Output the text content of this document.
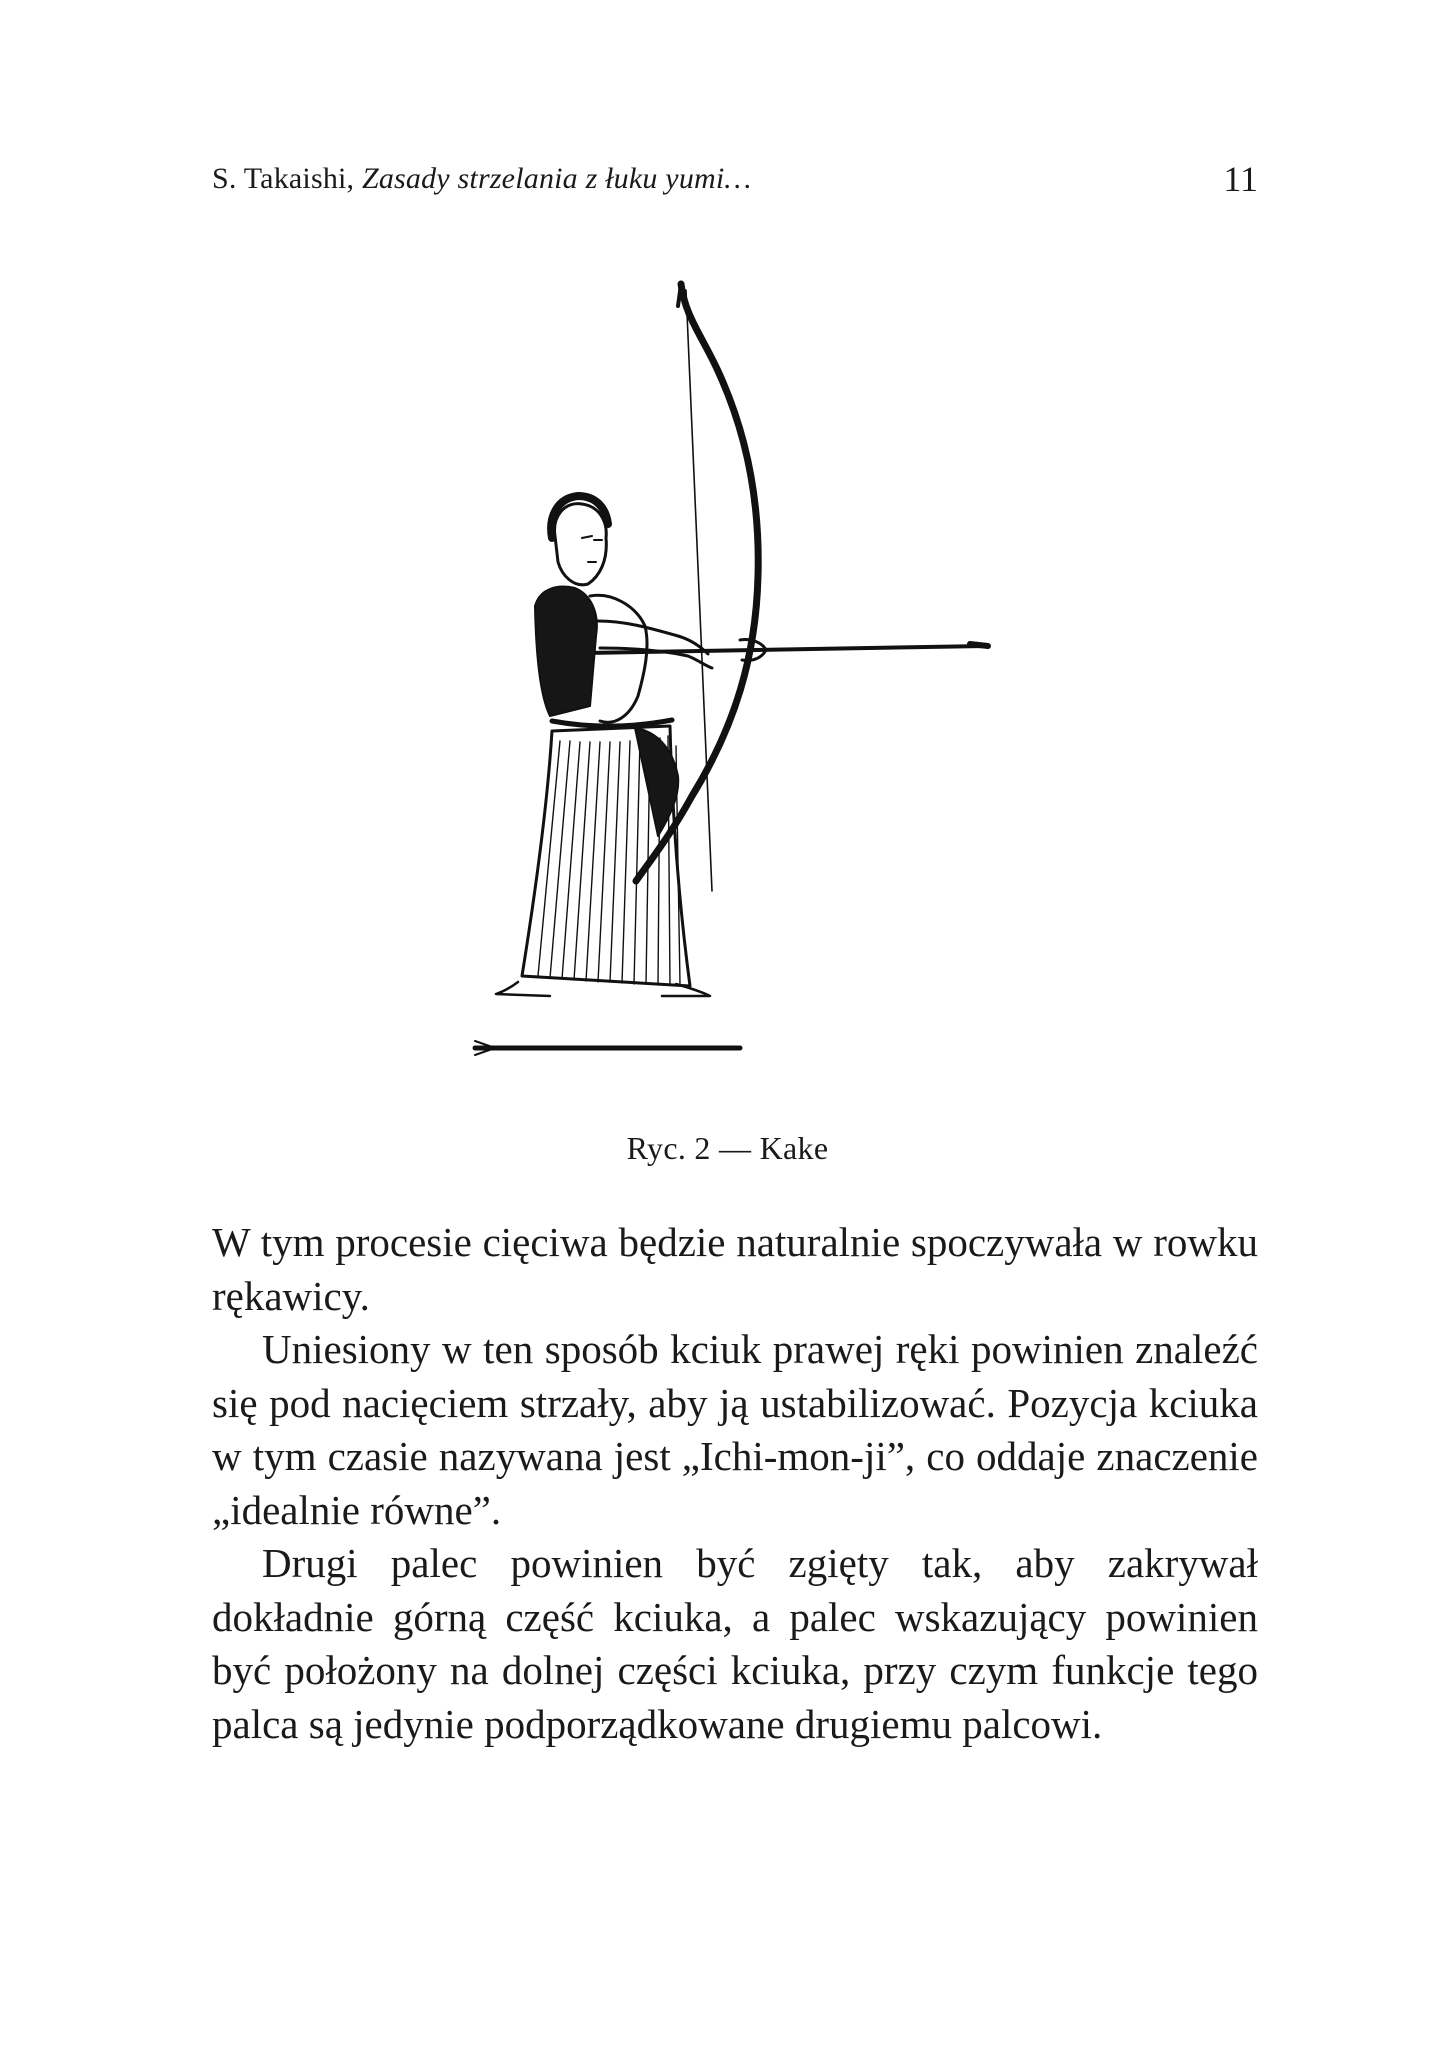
S. Takaishi, Zasady strzelania z łuku yumi…	11
Ryc. 2 — Kake

W tym procesie cięciwa będzie naturalnie spoczywała w rowku rękawicy.

Uniesiony w ten sposób kciuk prawej ręki powinien znaleźć się pod nacięciem strzały, aby ją ustabilizować. Pozycja kciuka w tym czasie nazywana jest „Ichi-mon-ji”, co oddaje znaczenie „idealnie równe”.

Drugi palec powinien być zgięty tak, aby zakrywał dokładnie górną część kciuka, a palec wskazujący powinien być położony na dolnej części kciuka, przy czym funkcje tego palca są jedynie podporządkowane drugiemu palcowi.
